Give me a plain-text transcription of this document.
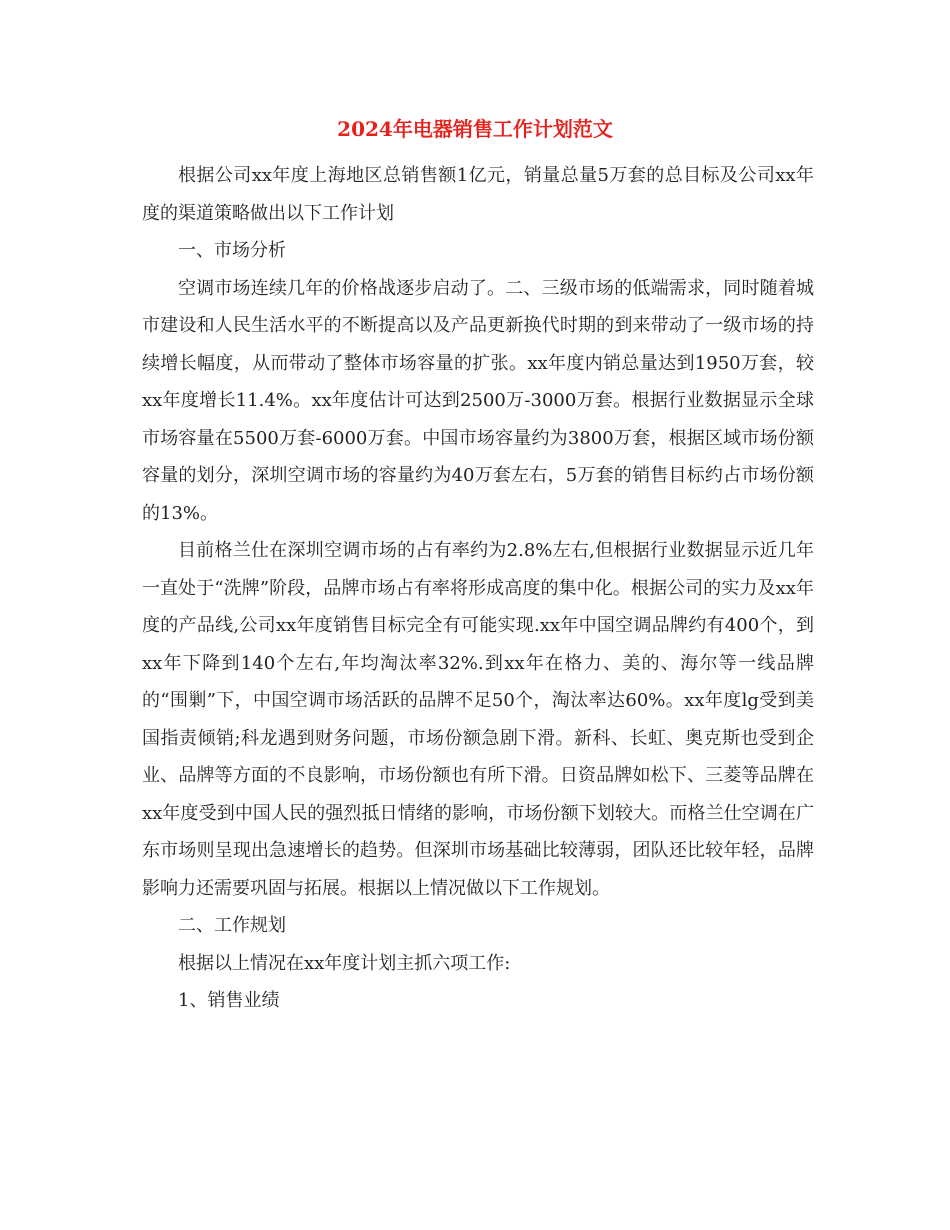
2024年电器销售工作计划范文

根据公司xx年度上海地区总销售额1亿元，销量总量5万套的总目标及公司xx年度的渠道策略做出以下工作计划

一、市场分析

空调市场连续几年的价格战逐步启动了。二、三级市场的低端需求，同时随着城市建设和人民生活水平的不断提高以及产品更新换代时期的到来带动了一级市场的持续增长幅度，从而带动了整体市场容量的扩张。xx年度内销总量达到1950万套，较xx年度增长11.4%。xx年度估计可达到2500万-3000万套。根据行业数据显示全球市场容量在5500万套-6000万套。中国市场容量约为3800万套，根据区域市场份额容量的划分，深圳空调市场的容量约为40万套左右，5万套的销售目标约占市场份额的13%。

目前格兰仕在深圳空调市场的占有率约为2.8%左右,但根据行业数据显示近几年一直处于“洗牌”阶段，品牌市场占有率将形成高度的集中化。根据公司的实力及xx年度的产品线,公司xx年度销售目标完全有可能实现.xx年中国空调品牌约有400个，到xx年下降到140个左右,年均淘汰率32%.到xx年在格力、美的、海尔等一线品牌的“围剿”下，中国空调市场活跃的品牌不足50个，淘汰率达60%。xx年度lg受到美国指责倾销;科龙遇到财务问题，市场份额急剧下滑。新科、长虹、奥克斯也受到企业、品牌等方面的不良影响，市场份额也有所下滑。日资品牌如松下、三菱等品牌在xx年度受到中国人民的强烈抵日情绪的影响，市场份额下划较大。而格兰仕空调在广东市场则呈现出急速增长的趋势。但深圳市场基础比较薄弱，团队还比较年轻，品牌影响力还需要巩固与拓展。根据以上情况做以下工作规划。

二、工作规划

根据以上情况在xx年度计划主抓六项工作:

1、销售业绩
